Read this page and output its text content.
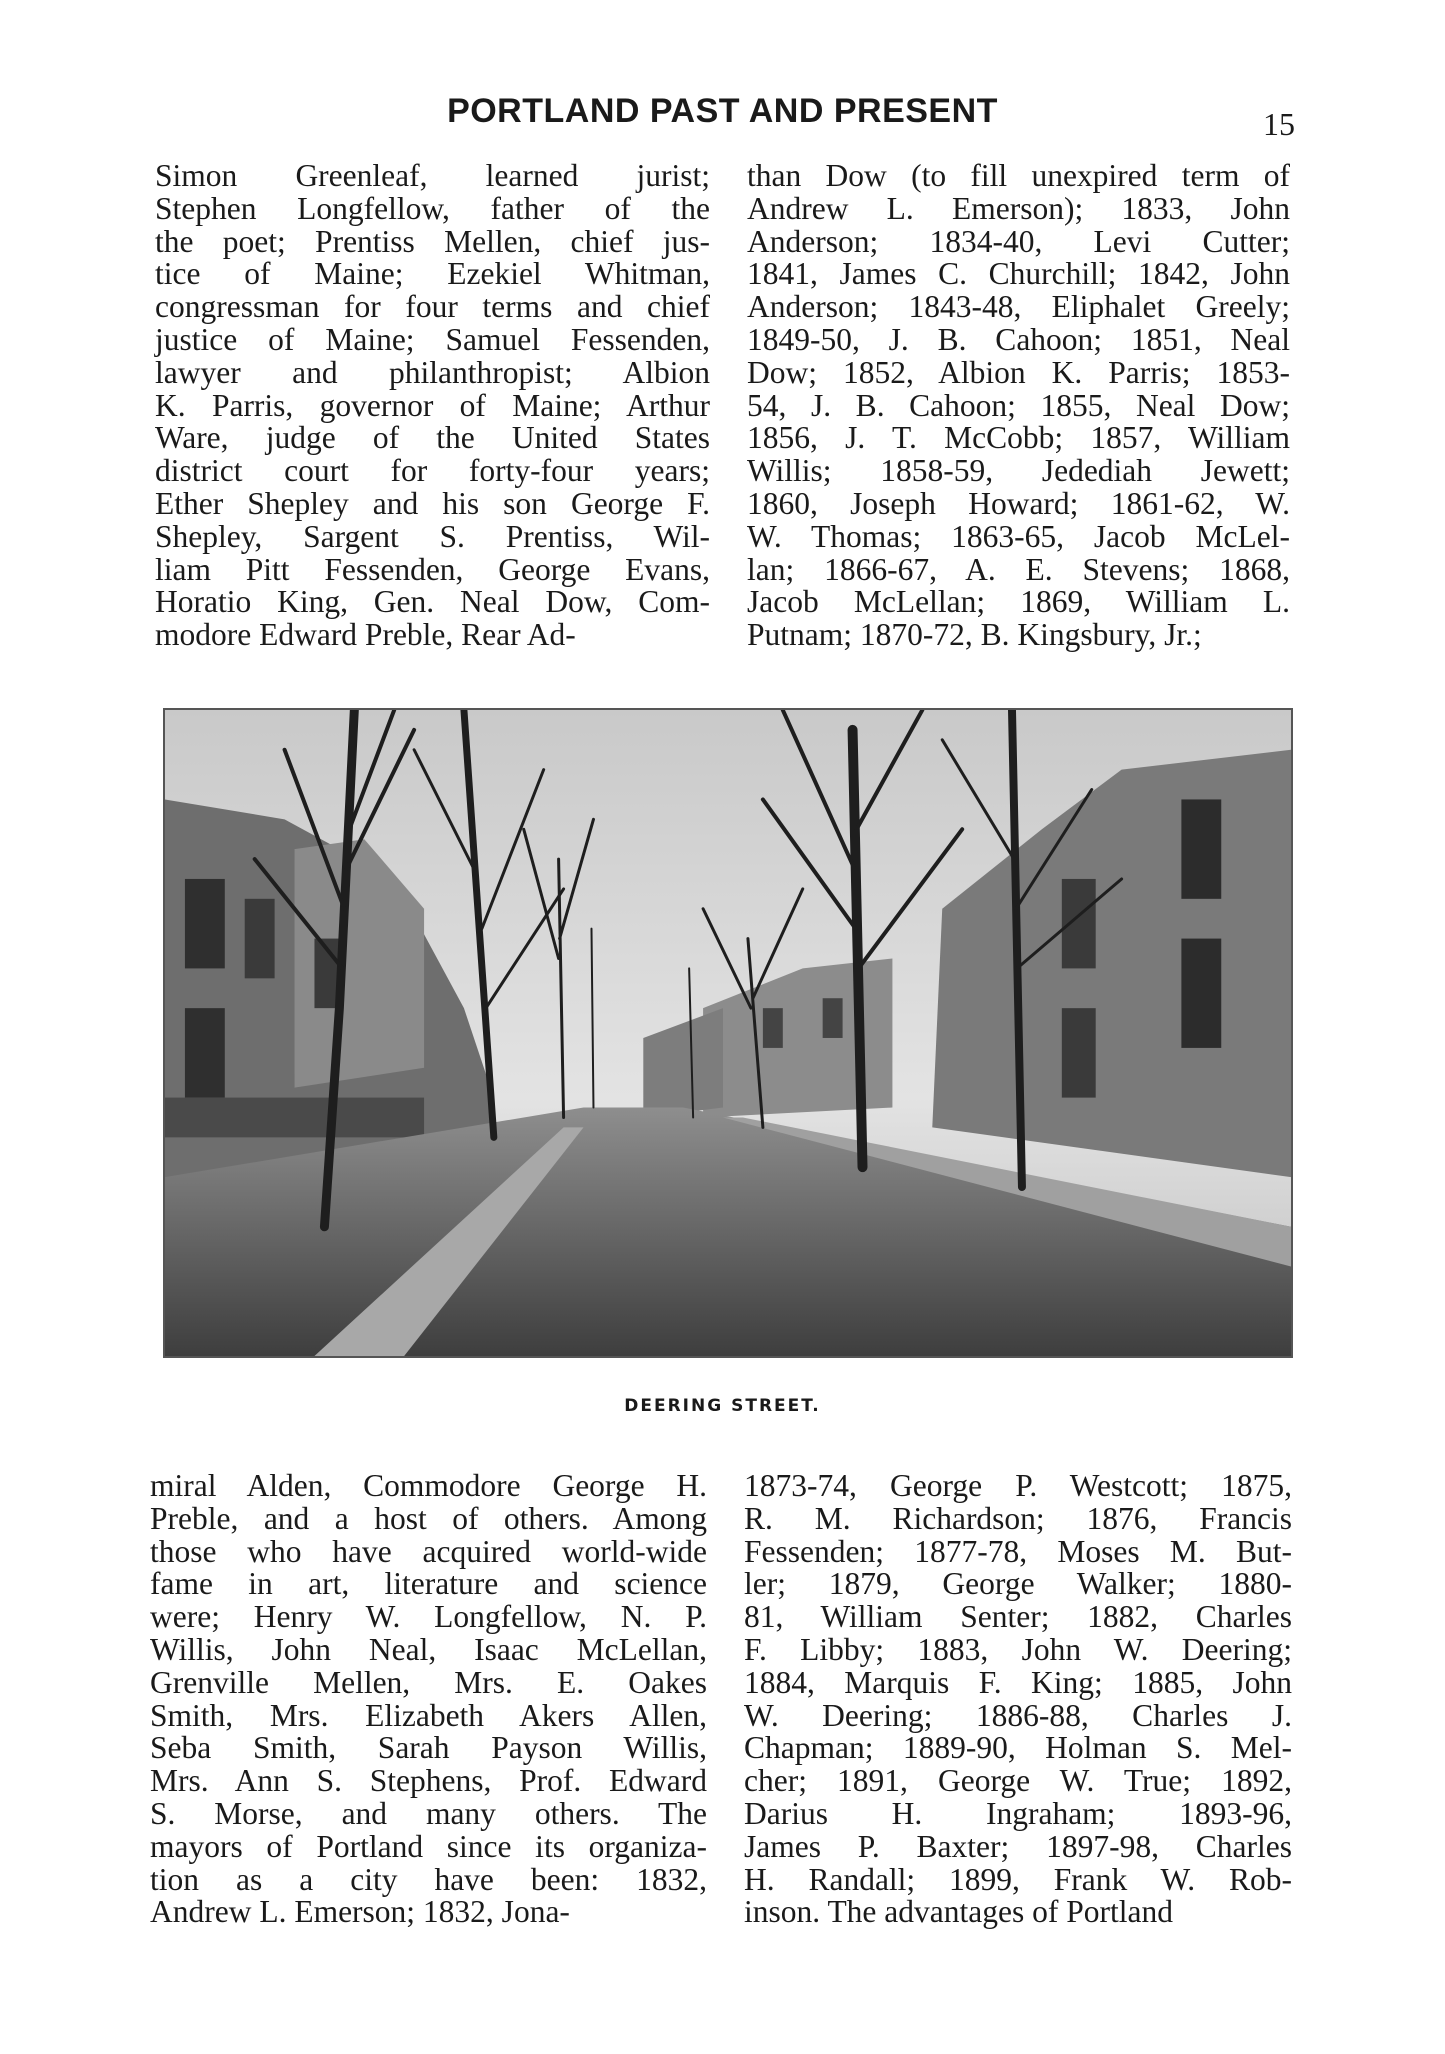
PORTLAND PAST AND PRESENT	15
Simon Greenleaf, learned jurist;
Stephen Longfellow, father of the
the poet; Prentiss Mellen, chief jus-
tice of Maine; Ezekiel Whitman,
congressman for four terms and chief
justice of Maine; Samuel Fessenden,
lawyer and philanthropist; Albion
K. Parris, governor of Maine; Arthur
Ware, judge of the United States
district court for forty-four years;
Ether Shepley and his son George F.
Shepley, Sargent S. Prentiss, Wil-
liam Pitt Fessenden, George Evans,
Horatio King, Gen. Neal Dow, Com-
modore Edward Preble, Rear Ad-
than Dow (to fill unexpired term of
Andrew L. Emerson); 1833, John
Anderson; 1834-40, Levi Cutter;
1841, James C. Churchill; 1842, John
Anderson; 1843-48, Eliphalet Greely;
1849-50, J. B. Cahoon; 1851, Neal
Dow; 1852, Albion K. Parris; 1853-
54, J. B. Cahoon; 1855, Neal Dow;
1856, J. T. McCobb; 1857, William
Willis; 1858-59, Jedediah Jewett;
1860, Joseph Howard; 1861-62, W.
W. Thomas; 1863-65, Jacob McLel-
lan; 1866-67, A. E. Stevens; 1868,
Jacob McLellan; 1869, William L.
Putnam; 1870-72, B. Kingsbury, Jr.;
DEERING STREET.
miral Alden, Commodore George H.
Preble, and a host of others. Among
those who have acquired world-wide
fame in art, literature and science
were; Henry W. Longfellow, N. P.
Willis, John Neal, Isaac McLellan,
Grenville Mellen, Mrs. E. Oakes
Smith, Mrs. Elizabeth Akers Allen,
Seba Smith, Sarah Payson Willis,
Mrs. Ann S. Stephens, Prof. Edward
S. Morse, and many others. The
mayors of Portland since its organiza-
tion as a city have been: 1832,
Andrew L. Emerson; 1832, Jona-
1873-74, George P. Westcott; 1875,
R. M. Richardson; 1876, Francis
Fessenden; 1877-78, Moses M. But-
ler; 1879, George Walker; 1880-
81, William Senter; 1882, Charles
F. Libby; 1883, John W. Deering;
1884, Marquis F. King; 1885, John
W. Deering; 1886-88, Charles J.
Chapman; 1889-90, Holman S. Mel-
cher; 1891, George W. True; 1892,
Darius H. Ingraham; 1893-96,
James P. Baxter; 1897-98, Charles
H. Randall; 1899, Frank W. Rob-
inson. The advantages of Portland
